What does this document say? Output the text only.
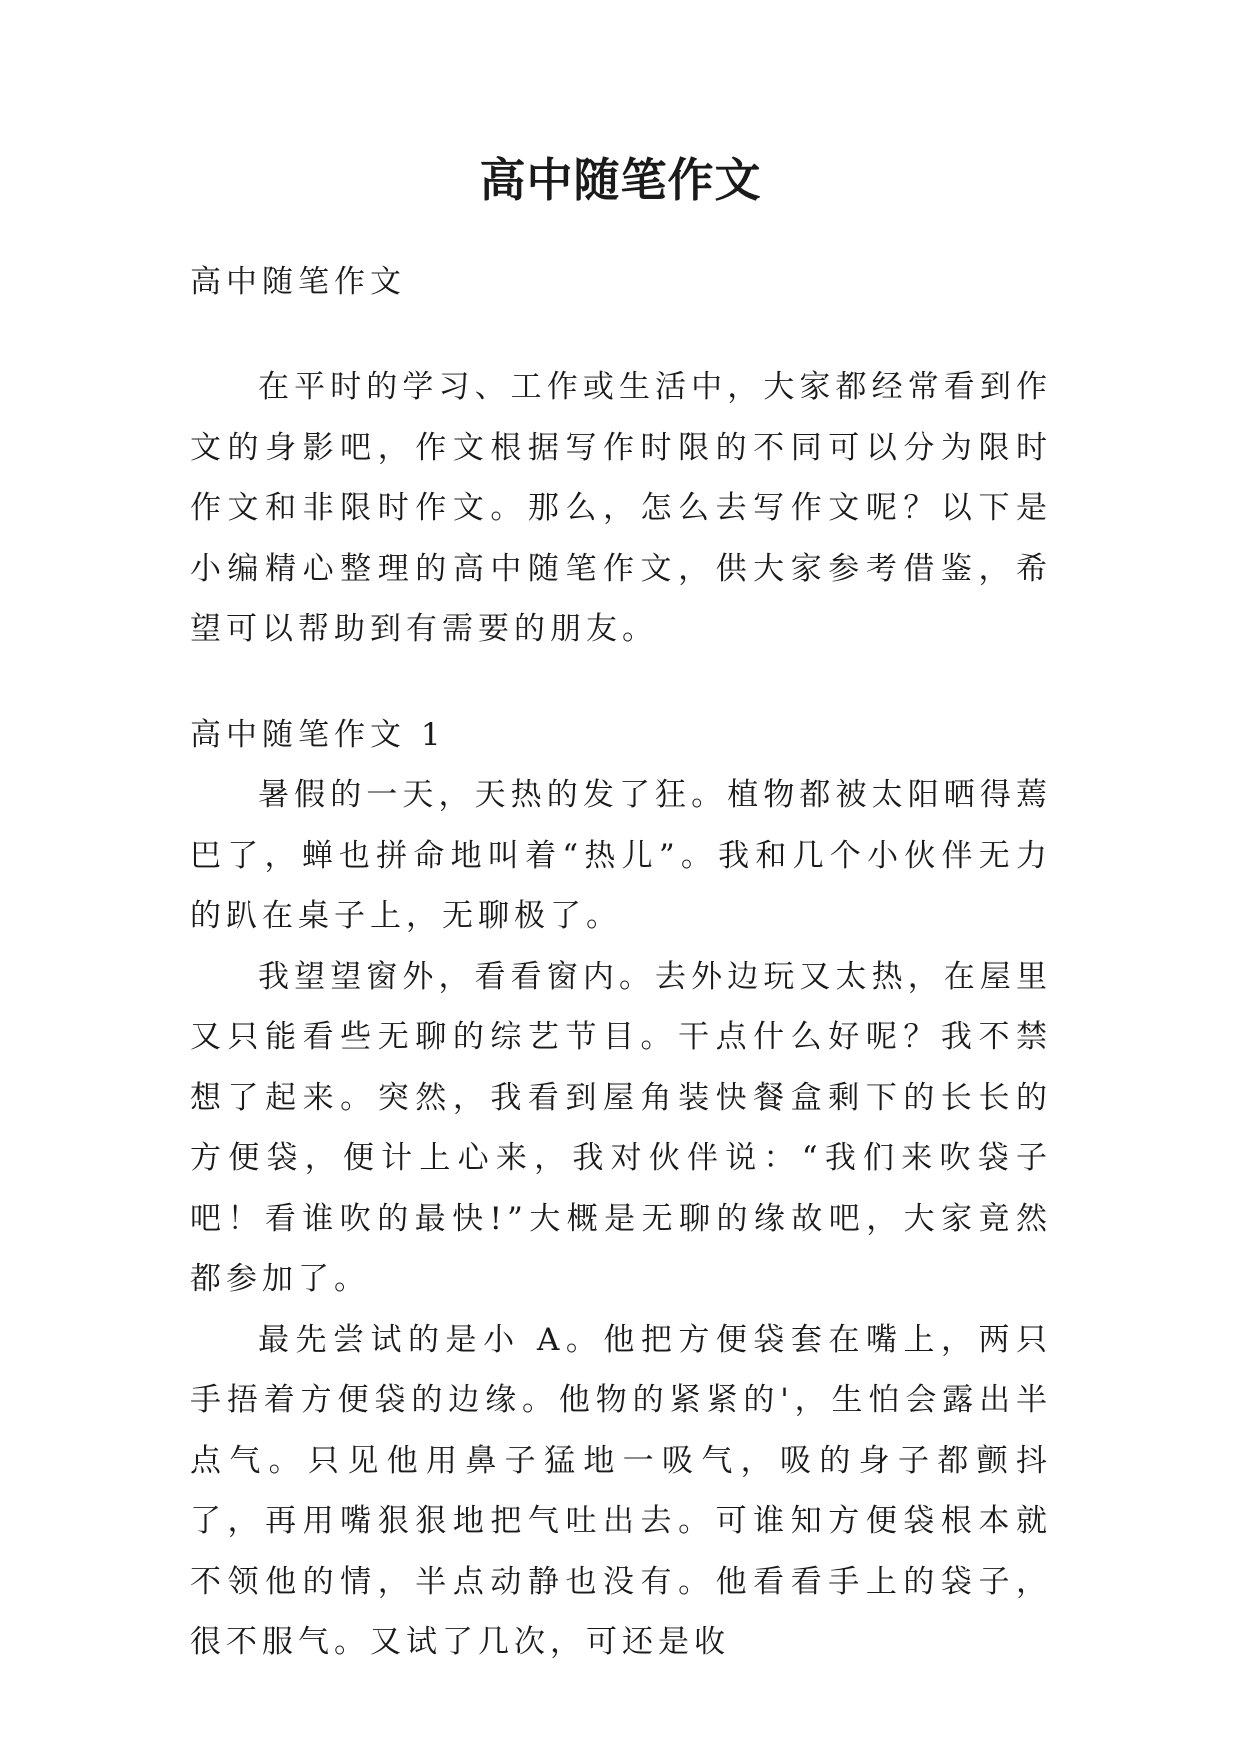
高中随笔作文

高中随笔作文

在平时的学习、工作或生活中，大家都经常看到作文的身影吧，作文根据写作时限的不同可以分为限时作文和非限时作文。那么，怎么去写作文呢？以下是小编精心整理的高中随笔作文，供大家参考借鉴，希望可以帮助到有需要的朋友。

高中随笔作文 1

暑假的一天，天热的发了狂。植物都被太阳晒得蔫巴了，蝉也拼命地叫着“热儿”。我和几个小伙伴无力的趴在桌子上，无聊极了。

我望望窗外，看看窗内。去外边玩又太热，在屋里又只能看些无聊的综艺节目。干点什么好呢？我不禁想了起来。突然，我看到屋角装快餐盒剩下的长长的方便袋，便计上心来，我对伙伴说：“我们来吹袋子吧！看谁吹的最快!”大概是无聊的缘故吧，大家竟然都参加了。

最先尝试的是小 A。他把方便袋套在嘴上，两只手捂着方便袋的边缘。他物的紧紧的'，生怕会露出半点气。只见他用鼻子猛地一吸气，吸的身子都颤抖了，再用嘴狠狠地把气吐出去。可谁知方便袋根本就不领他的情，半点动静也没有。他看看手上的袋子，很不服气。又试了几次，可还是收
